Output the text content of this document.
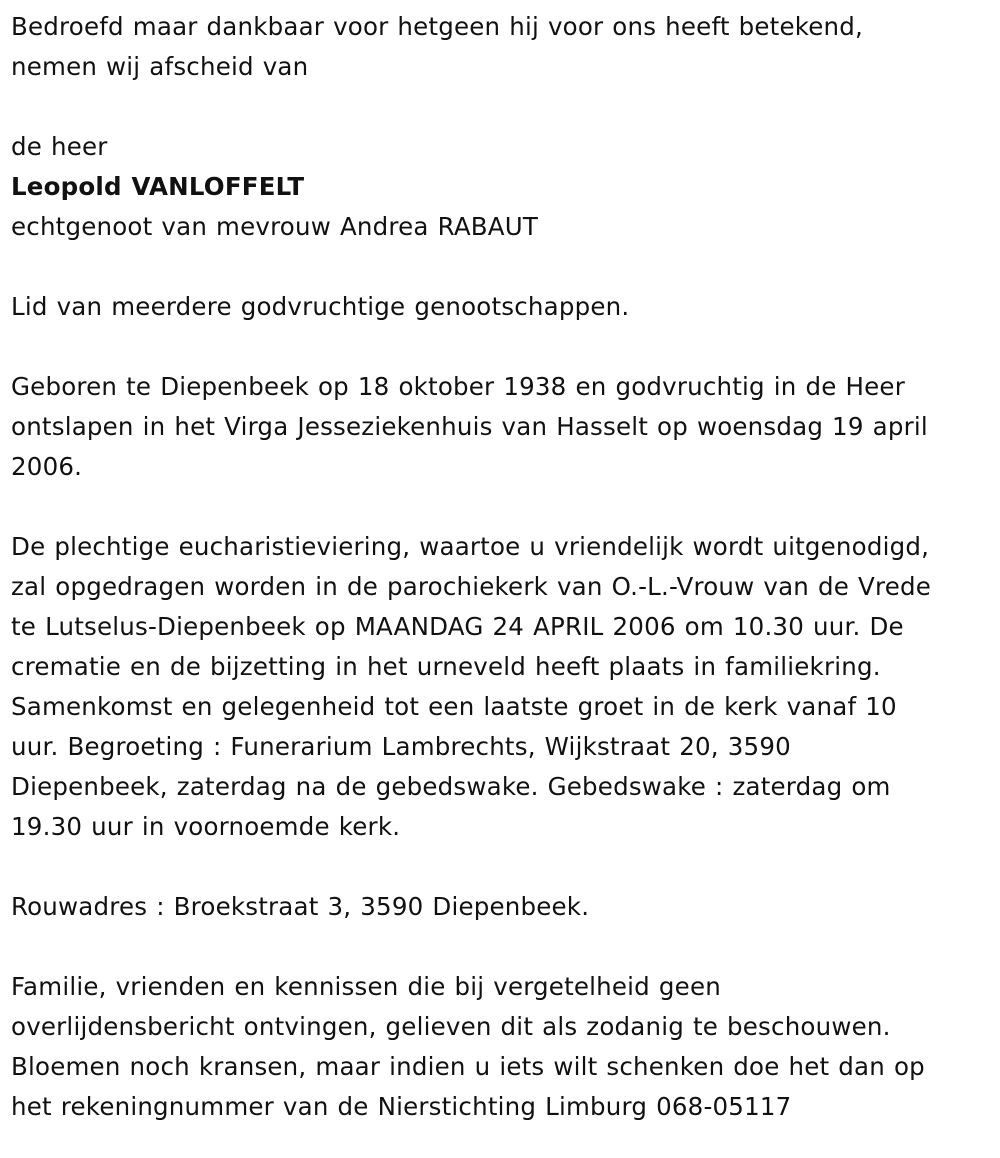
Bedroefd maar dankbaar voor hetgeen hij voor ons heeft betekend,
nemen wij afscheid van

de heer

Leopold VANLOFFELT

echtgenoot van mevrouw Andrea RABAUT

Lid van meerdere godvruchtige genootschappen.

Geboren te Diepenbeek op 18 oktober 1938 en godvruchtig in de Heer
ontslapen in het Virga Jesseziekenhuis van Hasselt op woensdag 19 april
2006.

De plechtige eucharistieviering, waartoe u vriendelijk wordt uitgenodigd,
zal opgedragen worden in de parochiekerk van O.-L.-Vrouw van de Vrede
te Lutselus-Diepenbeek op MAANDAG 24 APRIL 2006 om 10.30 uur. De
crematie en de bijzetting in het urneveld heeft plaats in familiekring.
Samenkomst en gelegenheid tot een laatste groet in de kerk vanaf 10
uur. Begroeting : Funerarium Lambrechts, Wijkstraat 20, 3590
Diepenbeek, zaterdag na de gebedswake. Gebedswake : zaterdag om
19.30 uur in voornoemde kerk.

Rouwadres : Broekstraat 3, 3590 Diepenbeek.

Familie, vrienden en kennissen die bij vergetelheid geen
overlijdensbericht ontvingen, gelieven dit als zodanig te beschouwen.
Bloemen noch kransen, maar indien u iets wilt schenken doe het dan op
het rekeningnummer van de Nierstichting Limburg 068-05117
